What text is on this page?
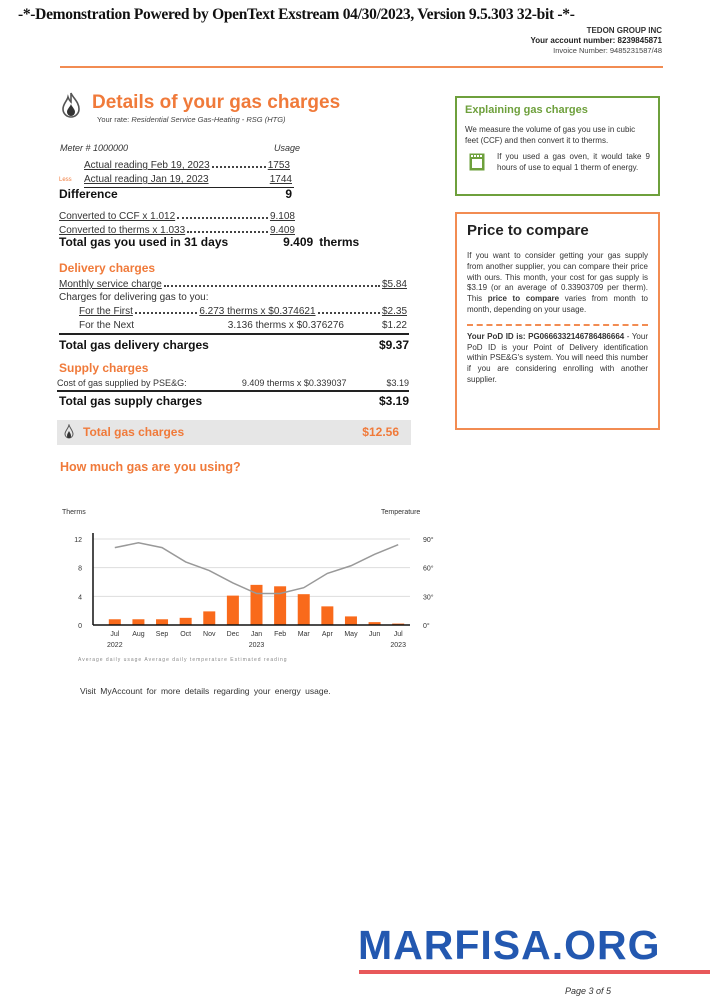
-*-Demonstration Powered by OpenText Exstream 04/30/2023, Version 9.5.303 32-bit -*-
TEDON GROUP INC
Your account number: 8239845871
Invoice Number: 9485231587/48
Details of your gas charges
Your rate: Residential Service Gas-Heating - RSG (HTG)
Meter # 1000000	Usage
Actual reading Feb 19, 2023	1753
Less Actual reading Jan 19, 2023	1744
Difference	9
Converted to CCF x 1.012	9.108
Converted to therms x 1.033	9.409
Total gas you used in 31 days	9.409 therms
Delivery charges
Monthly service charge	$5.84
Charges for delivering gas to you:
For the First	6.273 therms x $0.374621	$2.35
For the Next	3.136 therms x $0.376276	$1.22
Total gas delivery charges	$9.37
Supply charges
Cost of gas supplied by PSE&G:	9.409 therms x $0.339037	$3.19
Total gas supply charges	$3.19
Total gas charges	$12.56
Explaining gas charges

We measure the volume of gas you use in cubic feet (CCF) and then convert it to therms.

If you used a gas oven, it would take 9 hours of use to equal 1 therm of energy.

Price to compare

If you want to consider getting your gas supply from another supplier, you can compare their price with ours. This month, your cost for gas supply is $3.19 (or an average of 0.33903709 per therm). This price to compare varies from month to month, depending on your usage.

Your PoD ID is: PG0666332146786486664 - Your PoD ID is your Point of Delivery identification within PSE&G's system. You will need this number if you are considering enrolling with another supplier.

How much gas are you using?
Therms	Temperature
0	0°
4	30°
8	60°
12	90°
Jul Aug Sep Oct Nov Dec Jan Feb Mar Apr May Jun Jul
2022	2023	2023
Average daily usage Average daily temperature Estimated reading
Visit MyAccount for more details regarding your energy usage.
MARFISA.ORG
Page 3 of 5
